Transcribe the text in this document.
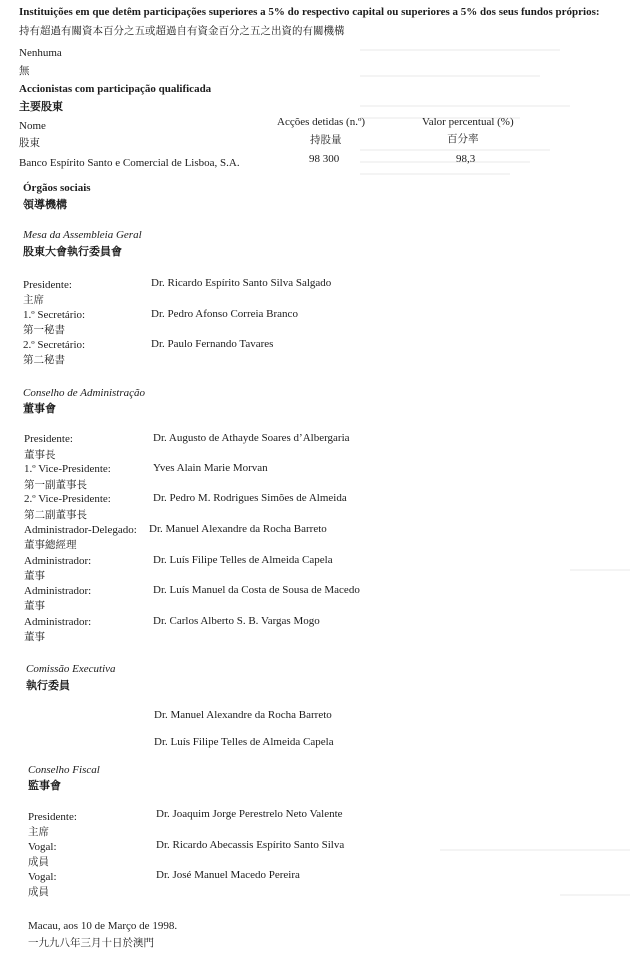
Instituições em que detêm participações superiores a 5% do respectivo capital ou superiores a 5% dos seus fundos próprios:
持有超過有關資本百分之五或超過自有資金百分之五之出資的有關機構
Nenhuma
無
Accionistas com participação qualificada
主要股東
Nome
股東
Acções detidas (n.º)
持股量
Valor percentual (%)
百分率
Banco Espírito Santo e Comercial de Lisboa, S.A.	98 300	98,3
Órgãos sociais
領導機構
Mesa da Assembleia Geral
股東大會執行委員會
Presidente:
主席
Dr. Ricardo Espírito Santo Silva Salgado
1.º Secretário:
第一秘書
Dr. Pedro Afonso Correia Branco
2.º Secretário:
第二秘書
Dr. Paulo Fernando Tavares
Conselho de Administração
董事會
Presidente:
董事長
Dr. Augusto de Athayde Soares d’Albergaria
1.º Vice-Presidente:
第一副董事長
Yves Alain Marie Morvan
2.º Vice-Presidente:
第二副董事長
Dr. Pedro M. Rodrigues Simões de Almeida
Administrador-Delegado:
董事總經理
Dr. Manuel Alexandre da Rocha Barreto
Administrador:
董事
Dr. Luís Filipe Telles de Almeida Capela
Administrador:
董事
Dr. Luís Manuel da Costa de Sousa de Macedo
Administrador:
董事
Dr. Carlos Alberto S. B. Vargas Mogo
Comissão Executiva
執行委員
Dr. Manuel Alexandre da Rocha Barreto
Dr. Luís Filipe Telles de Almeida Capela
Conselho Fiscal
監事會
Presidente:
主席
Dr. Joaquim Jorge Perestrelo Neto Valente
Vogal:
成員
Dr. Ricardo Abecassis Espírito Santo Silva
Vogal:
成員
Dr. José Manuel Macedo Pereira
Macau, aos 10 de Março de 1998.
一九九八年三月十日於澳門
